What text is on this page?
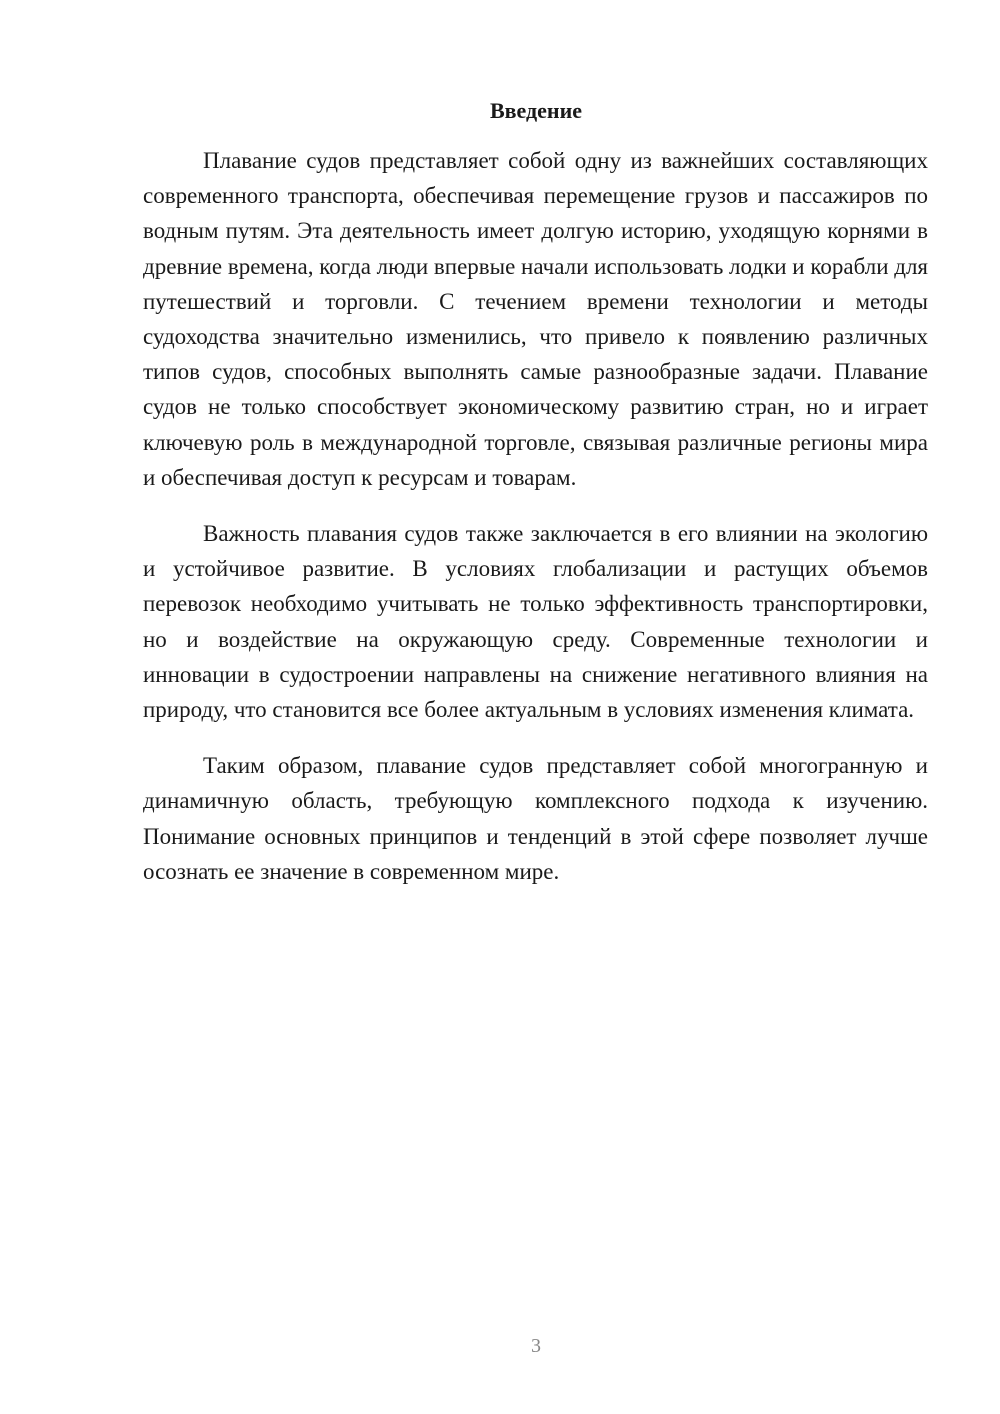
Введение

Плавание судов представляет собой одну из важнейших составляющих современного транспорта, обеспечивая перемещение грузов и пассажиров по водным путям. Эта деятельность имеет долгую историю, уходящую корнями в древние времена, когда люди впервые начали использовать лодки и корабли для путешествий и торговли. С течением времени технологии и методы судоходства значительно изменились, что привело к появлению различных типов судов, способных выполнять самые разнообразные задачи. Плавание судов не только способствует экономическому развитию стран, но и играет ключевую роль в международной торговле, связывая различные регионы мира и обеспечивая доступ к ресурсам и товарам.

Важность плавания судов также заключается в его влиянии на экологию и устойчивое развитие. В условиях глобализации и растущих объемов перевозок необходимо учитывать не только эффективность транспортировки, но и воздействие на окружающую среду. Современные технологии и инновации в судостроении направлены на снижение негативного влияния на природу, что становится все более актуальным в условиях изменения климата.

Таким образом, плавание судов представляет собой многогранную и динамичную область, требующую комплексного подхода к изучению. Понимание основных принципов и тенденций в этой сфере позволяет лучше осознать ее значение в современном мире.

3
